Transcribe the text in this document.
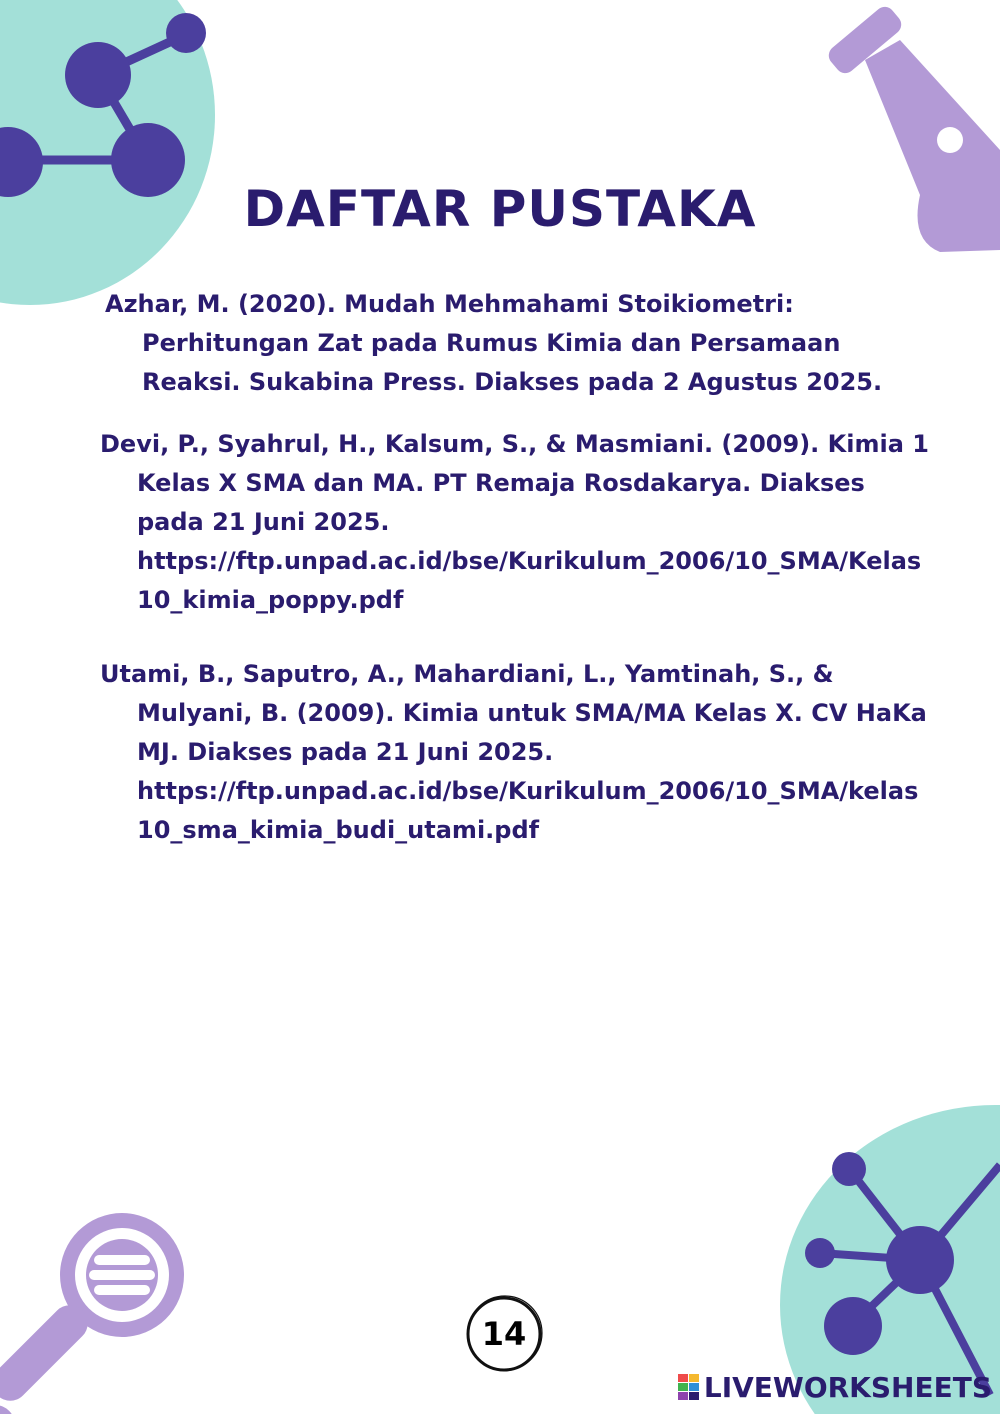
DAFTAR PUSTAKA
Azhar, M. (2020). Mudah Mehmahami Stoikiometri: Perhitungan Zat pada Rumus Kimia dan Persamaan Reaksi. Sukabina Press. Diakses pada 2 Agustus 2025.
Devi, P., Syahrul, H., Kalsum, S., & Masmiani. (2009). Kimia 1 Kelas X SMA dan MA. PT Remaja Rosdakarya. Diakses pada 21 Juni 2025.
https://ftp.unpad.ac.id/bse/Kurikulum_2006/10_SMA/Kelas10_kimia_poppy.pdf
Utami, B., Saputro, A., Mahardiani, L., Yamtinah, S., & Mulyani, B. (2009). Kimia untuk SMA/MA Kelas X. CV HaKa MJ. Diakses pada 21 Juni 2025.
https://ftp.unpad.ac.id/bse/Kurikulum_2006/10_SMA/kelas10_sma_kimia_budi_utami.pdf
14
LIVEWORKSHEETS
